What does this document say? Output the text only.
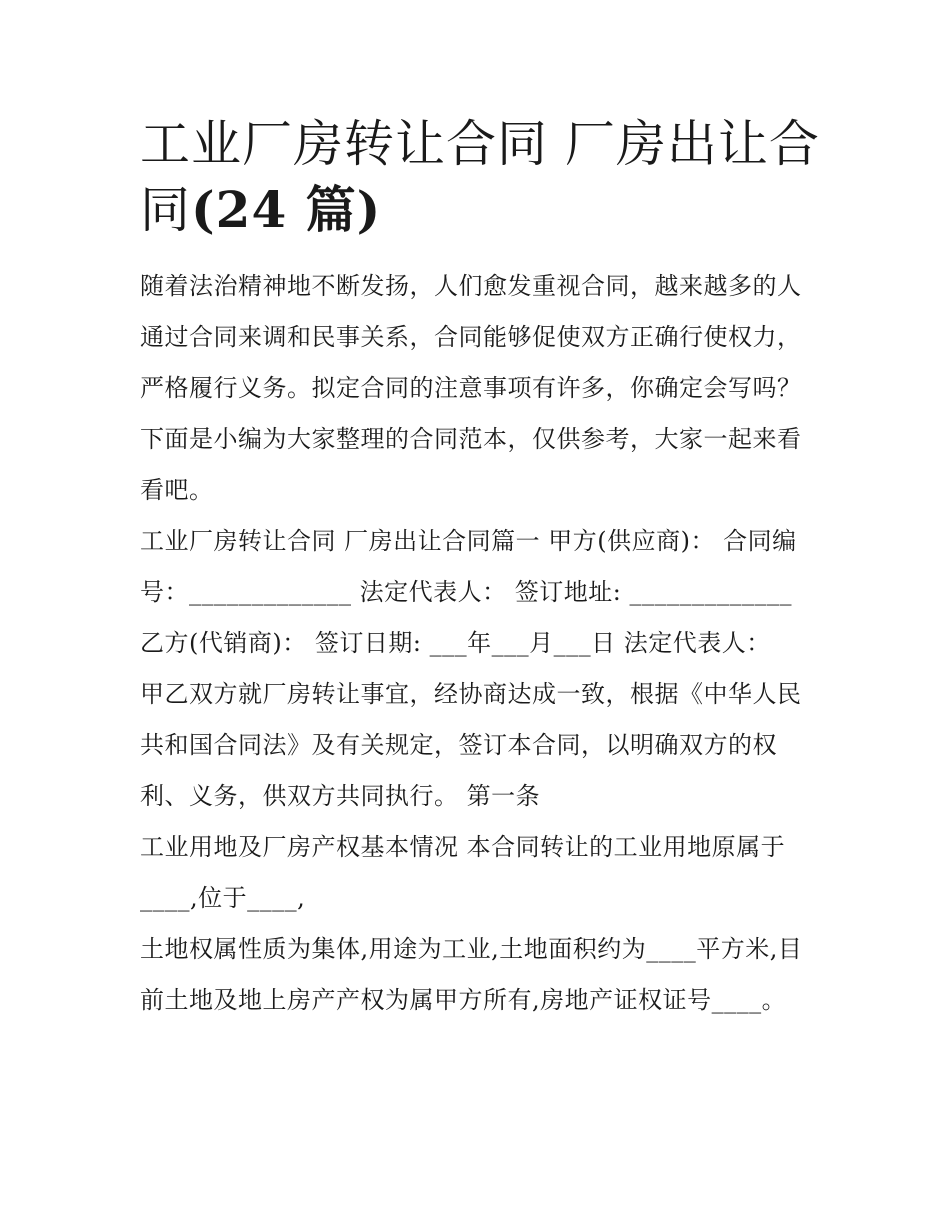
工业厂房转让合同 厂房出让合
同(24 篇)

随着法治精神地不断发扬，人们愈发重视合同，越来越多的人通过合同来调和民事关系，合同能够促使双方正确行使权力，严格履行义务。拟定合同的注意事项有许多，你确定会写吗？下面是小编为大家整理的合同范本，仅供参考，大家一起来看看吧。

工业厂房转让合同 厂房出让合同篇一 甲方(供应商)： 合同编号：_____________ 法定代表人： 签订地址: _____________ 乙方(代销商)： 签订日期: ___年___月___日 法定代表人：

甲乙双方就厂房转让事宜，经协商达成一致，根据《中华人民共和国合同法》及有关规定，签订本合同，以明确双方的权利、义务，供双方共同执行。 第一条

工业用地及厂房产权基本情况 本合同转让的工业用地原属于____,位于____,

土地权属性质为集体,用途为工业,土地面积约为____平方米,目前土地及地上房产产权为属甲方所有,房地产证权证号____。
